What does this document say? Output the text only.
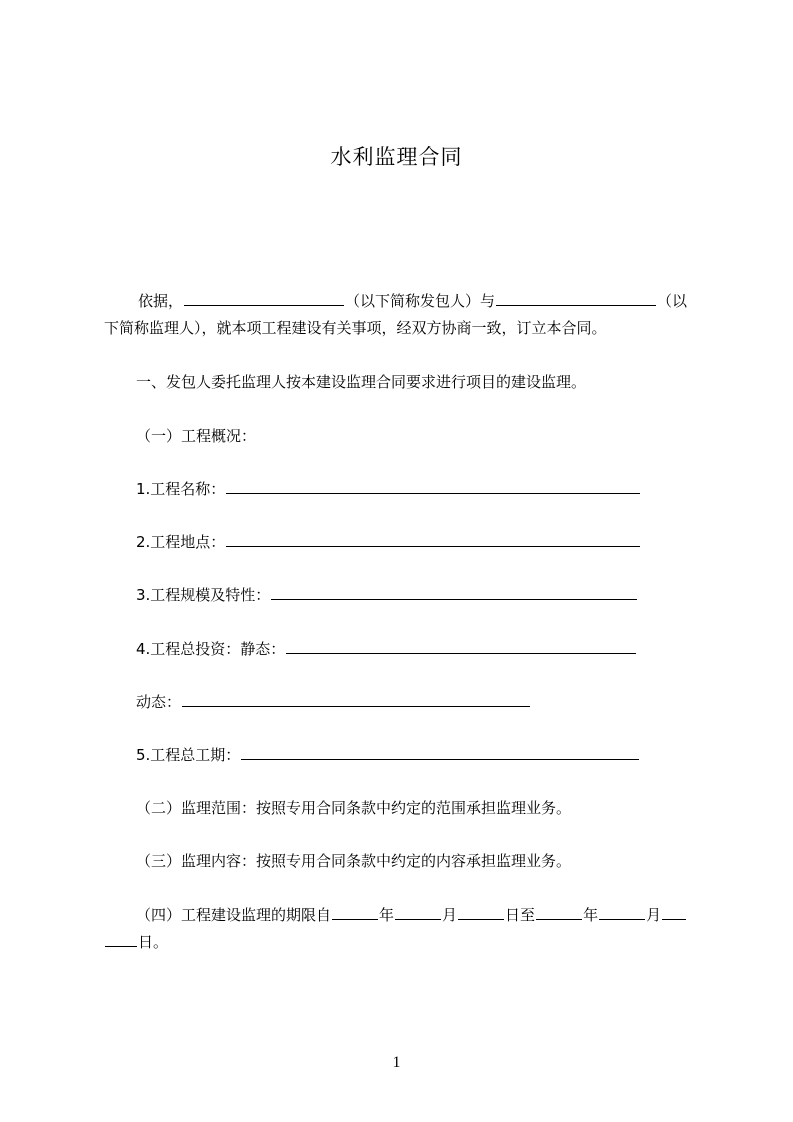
水利监理合同
依据，	（以下简称发包人）与	（以
下简称监理人），就本项工程建设有关事项，经双方协商一致，订立本合同。
一、发包人委托监理人按本建设监理合同要求进行项目的建设监理。
（一）工程概况：
1.工程名称：
2.工程地点：
3.工程规模及特性：
4.工程总投资：静态：
动态：
5.工程总工期：
（二）监理范围：按照专用合同条款中约定的范围承担监理业务。
（三）监理内容：按照专用合同条款中约定的内容承担监理业务。
（四）工程建设监理的期限自	年	月	日至	年	月
日。
1
